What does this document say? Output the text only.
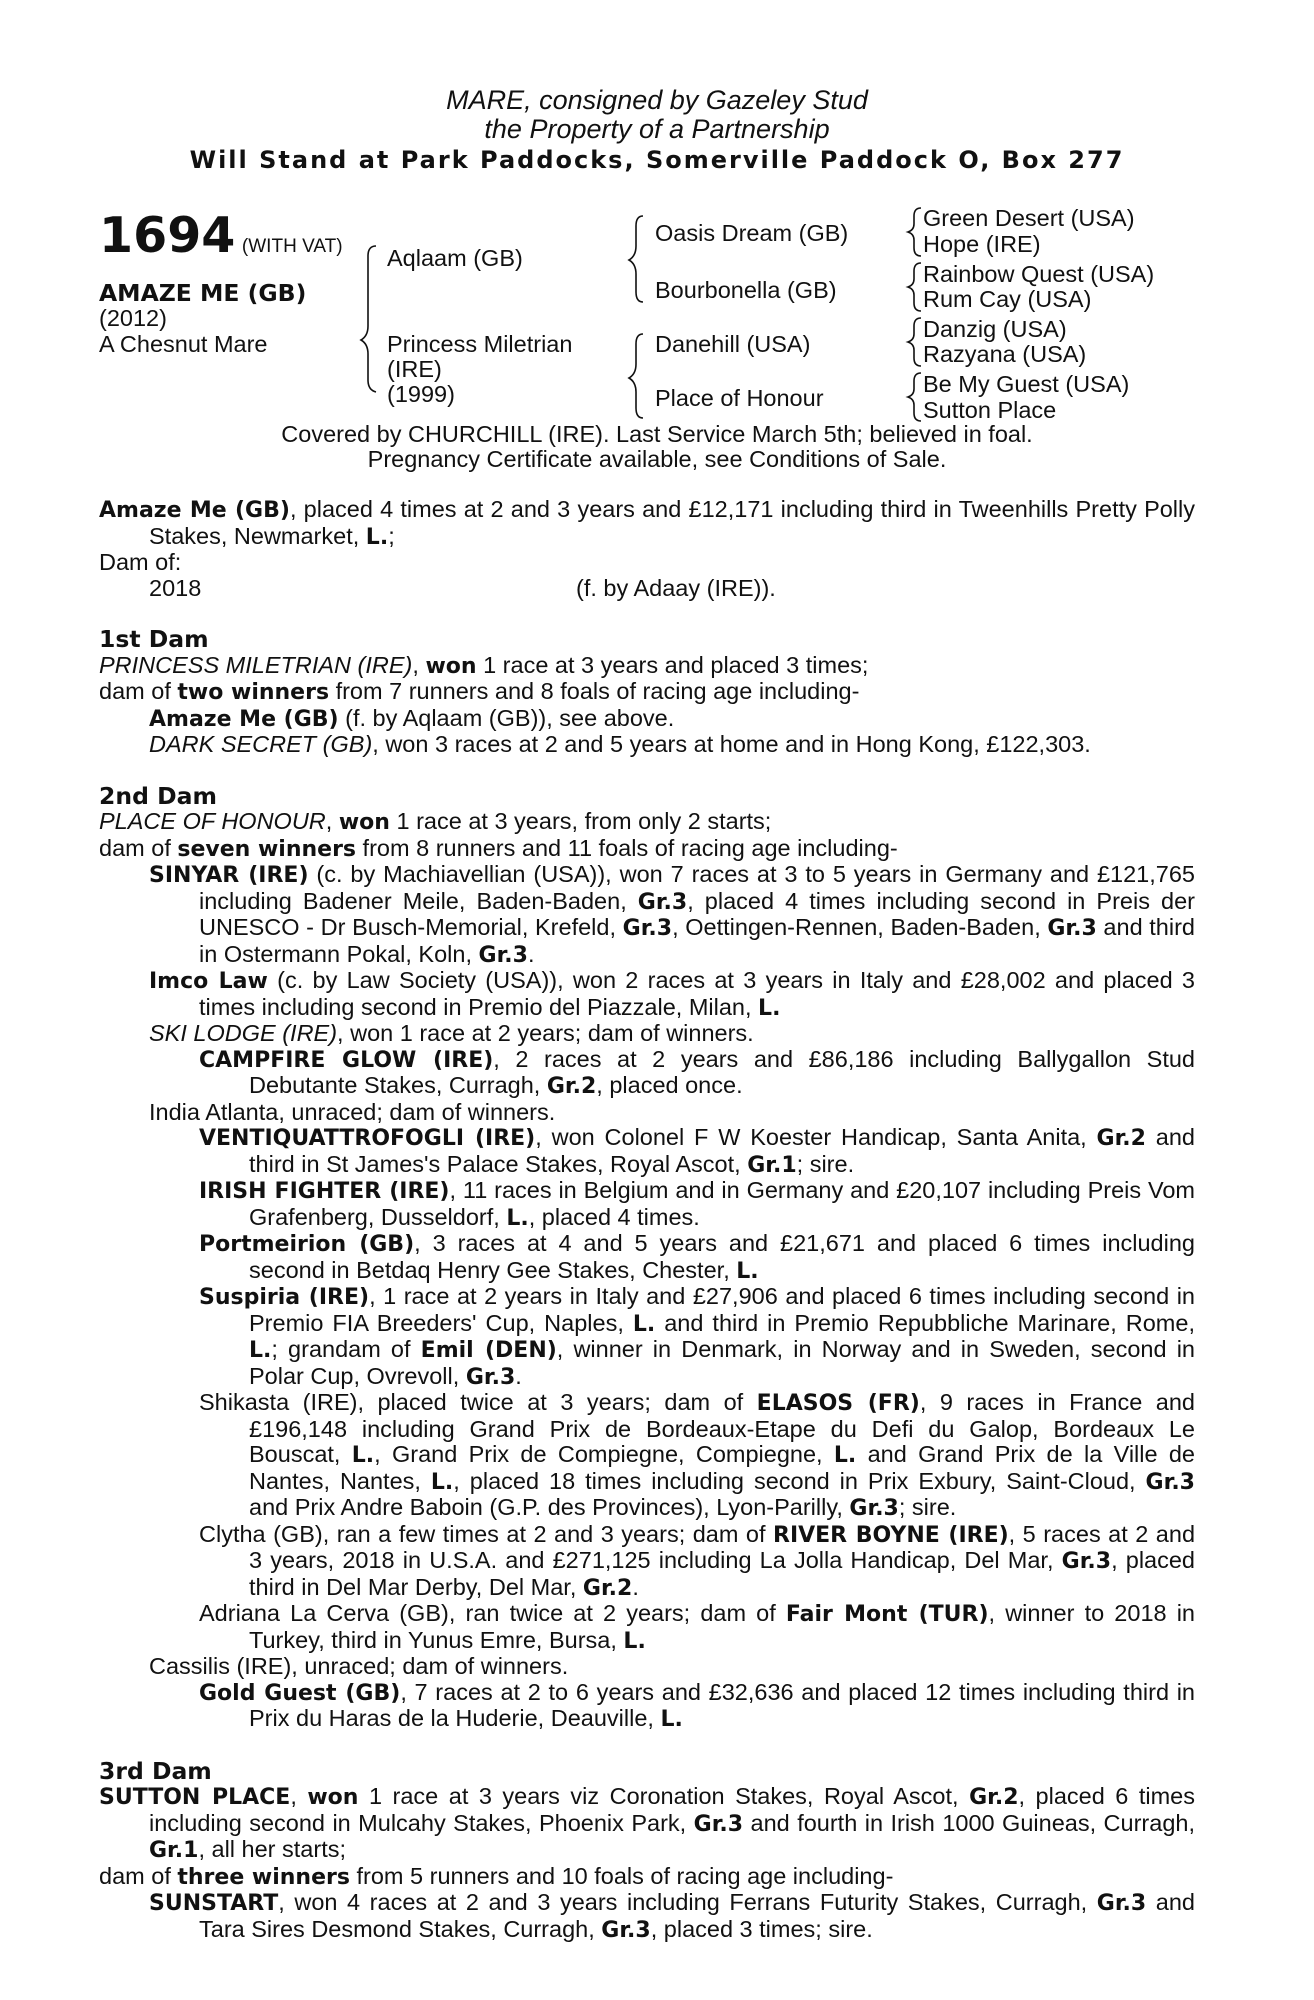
MARE, consigned by Gazeley Stud
the Property of a Partnership
Will Stand at Park Paddocks, Somerville Paddock O, Box 277
1694 (WITH VAT)
AMAZE ME (GB)
(2012)
A Chesnut Mare
Aqlaam (GB)
Princess Miletrian
(IRE)
(1999)
Oasis Dream (GB)
Bourbonella (GB)
Danehill (USA)
Place of Honour
Green Desert (USA)
Hope (IRE)
Rainbow Quest (USA)
Rum Cay (USA)
Danzig (USA)
Razyana (USA)
Be My Guest (USA)
Sutton Place
Covered by CHURCHILL (IRE). Last Service March 5th; believed in foal.
Pregnancy Certificate available, see Conditions of Sale.

Amaze Me (GB), placed 4 times at 2 and 3 years and £12,171 including third in Tweenhills Pretty Polly Stakes, Newmarket, L.;

Dam of:

2018	(f. by Adaay (IRE)).

1st Dam

PRINCESS MILETRIAN (IRE), won 1 race at 3 years and placed 3 times;

dam of two winners from 7 runners and 8 foals of racing age including-

Amaze Me (GB) (f. by Aqlaam (GB)), see above.

DARK SECRET (GB), won 3 races at 2 and 5 years at home and in Hong Kong, £122,303.

2nd Dam

PLACE OF HONOUR, won 1 race at 3 years, from only 2 starts;

dam of seven winners from 8 runners and 11 foals of racing age including-

SINYAR (IRE) (c. by Machiavellian (USA)), won 7 races at 3 to 5 years in Germany and £121,765 including Badener Meile, Baden-Baden, Gr.3, placed 4 times including second in Preis der UNESCO - Dr Busch-Memorial, Krefeld, Gr.3, Oettingen-Rennen, Baden-Baden, Gr.3 and third in Ostermann Pokal, Koln, Gr.3.

Imco Law (c. by Law Society (USA)), won 2 races at 3 years in Italy and £28,002 and placed 3 times including second in Premio del Piazzale, Milan, L.

SKI LODGE (IRE), won 1 race at 2 years; dam of winners.

CAMPFIRE GLOW (IRE), 2 races at 2 years and £86,186 including Ballygallon Stud Debutante Stakes, Curragh, Gr.2, placed once.

India Atlanta, unraced; dam of winners.

VENTIQUATTROFOGLI (IRE), won Colonel F W Koester Handicap, Santa Anita, Gr.2 and third in St James's Palace Stakes, Royal Ascot, Gr.1; sire.

IRISH FIGHTER (IRE), 11 races in Belgium and in Germany and £20,107 including Preis Vom Grafenberg, Dusseldorf, L., placed 4 times.

Portmeirion (GB), 3 races at 4 and 5 years and £21,671 and placed 6 times including second in Betdaq Henry Gee Stakes, Chester, L.

Suspiria (IRE), 1 race at 2 years in Italy and £27,906 and placed 6 times including second in Premio FIA Breeders' Cup, Naples, L. and third in Premio Repubbliche Marinare, Rome, L.; grandam of Emil (DEN), winner in Denmark, in Norway and in Sweden, second in Polar Cup, Ovrevoll, Gr.3.

Shikasta (IRE), placed twice at 3 years; dam of ELASOS (FR), 9 races in France and £196,148 including Grand Prix de Bordeaux-Etape du Defi du Galop, Bordeaux Le Bouscat, L., Grand Prix de Compiegne, Compiegne, L. and Grand Prix de la Ville de Nantes, Nantes, L., placed 18 times including second in Prix Exbury, Saint-Cloud, Gr.3 and Prix Andre Baboin (G.P. des Provinces), Lyon-Parilly, Gr.3; sire.

Clytha (GB), ran a few times at 2 and 3 years; dam of RIVER BOYNE (IRE), 5 races at 2 and 3 years, 2018 in U.S.A. and £271,125 including La Jolla Handicap, Del Mar, Gr.3, placed third in Del Mar Derby, Del Mar, Gr.2.

Adriana La Cerva (GB), ran twice at 2 years; dam of Fair Mont (TUR), winner to 2018 in Turkey, third in Yunus Emre, Bursa, L.

Cassilis (IRE), unraced; dam of winners.

Gold Guest (GB), 7 races at 2 to 6 years and £32,636 and placed 12 times including third in Prix du Haras de la Huderie, Deauville, L.

3rd Dam

SUTTON PLACE, won 1 race at 3 years viz Coronation Stakes, Royal Ascot, Gr.2, placed 6 times including second in Mulcahy Stakes, Phoenix Park, Gr.3 and fourth in Irish 1000 Guineas, Curragh, Gr.1, all her starts;

dam of three winners from 5 runners and 10 foals of racing age including-

SUNSTART, won 4 races at 2 and 3 years including Ferrans Futurity Stakes, Curragh, Gr.3 and Tara Sires Desmond Stakes, Curragh, Gr.3, placed 3 times; sire.
